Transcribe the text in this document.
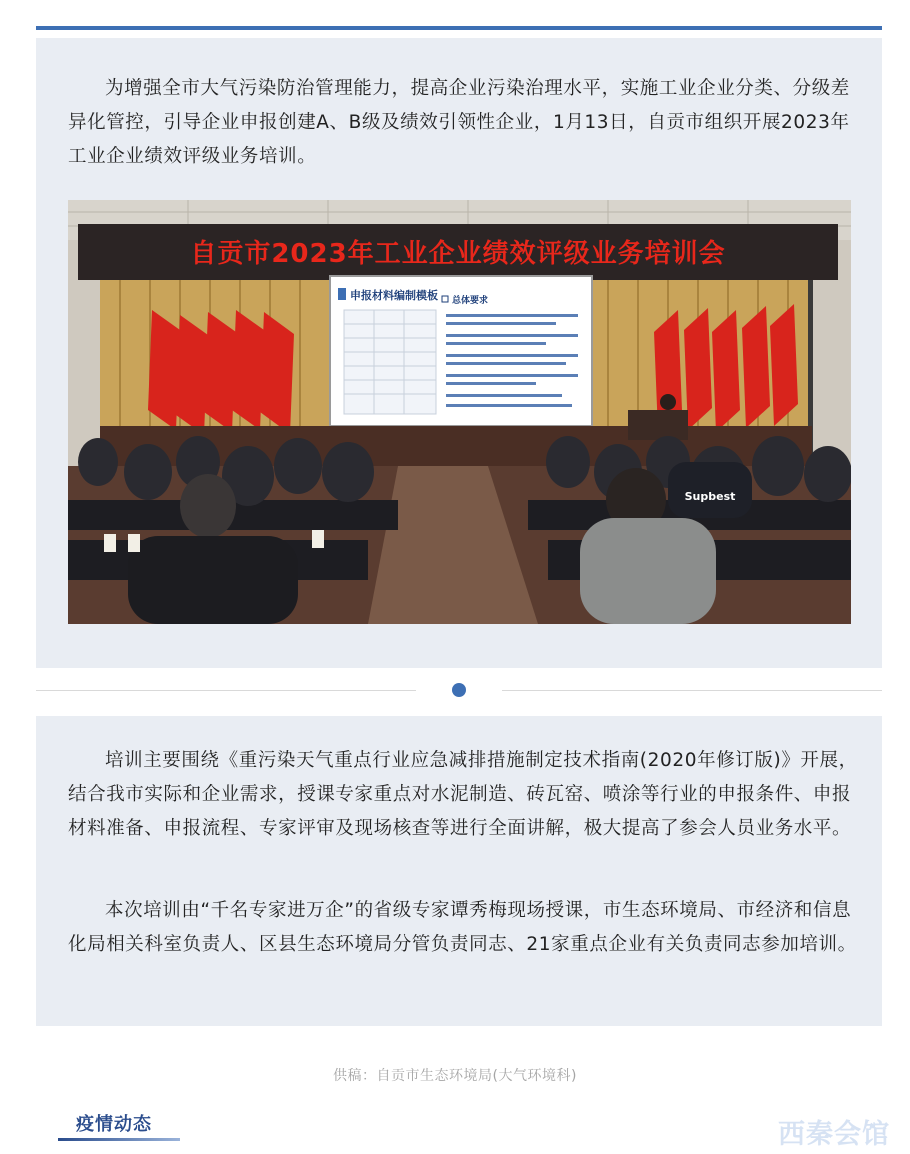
为增强全市大气污染防治管理能力，提高企业污染治理水平，实施工业企业分类、分级差异化管控，引导企业申报创建A、B级及绩效引领性企业，1月13日，自贡市组织开展2023年工业企业绩效评级业务培训。

自贡市2023年工业企业绩效评级业务培训会
申报材料编制模板 总体要求
Supbest

培训主要围绕《重污染天气重点行业应急减排措施制定技术指南(2020年修订版)》开展，结合我市实际和企业需求，授课专家重点对水泥制造、砖瓦窑、喷涂等行业的申报条件、申报材料准备、申报流程、专家评审及现场核查等进行全面讲解，极大提高了参会人员业务水平。

本次培训由“千名专家进万企”的省级专家谭秀梅现场授课，市生态环境局、市经济和信息化局相关科室负责人、区县生态环境局分管负责同志、21家重点企业有关负责同志参加培训。

供稿：自贡市生态环境局(大气环境科)
疫情动态	西秦会馆
